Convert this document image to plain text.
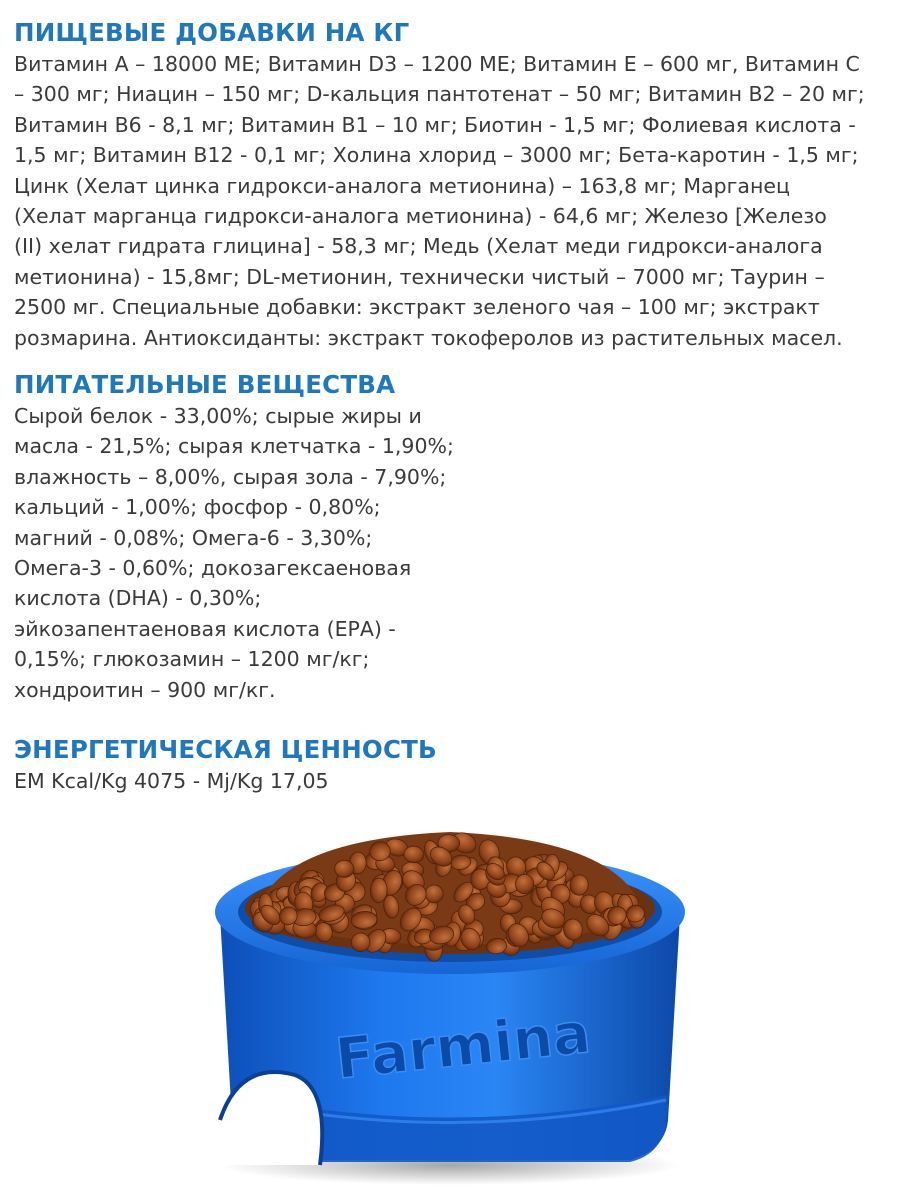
ПИЩЕВЫЕ ДОБАВКИ НА КГ

Витамин А – 18000 МЕ; Витамин D3 – 1200 МЕ; Витамин Е – 600 мг, Витамин С
– 300 мг; Ниацин – 150 мг; D-кальция пантотенат – 50 мг; Витамин В2 – 20 мг;
Витамин В6 - 8,1 мг; Витамин В1 – 10 мг; Биотин - 1,5 мг; Фолиевая кислота -
1,5 мг; Витамин В12 - 0,1 мг; Холина хлорид – 3000 мг; Бета-каротин - 1,5 мг;
Цинк (Хелат цинка гидрокси-аналога метионина) – 163,8 мг; Марганец
(Хелат марганца гидрокси-аналога метионина) - 64,6 мг; Железо [Железо
(II) хелат гидрата глицина] - 58,3 мг; Медь (Хелат меди гидрокси-аналога
метионина) - 15,8мг; DL-метионин, технически чистый – 7000 мг; Таурин –
2500 мг. Специальные добавки: экстракт зеленого чая – 100 мг; экстракт
розмарина. Антиоксиданты: экстракт токоферолов из растительных масел.

ПИТАТЕЛЬНЫЕ ВЕЩЕСТВА

Сырой белок - 33,00%; сырые жиры и
масла - 21,5%; сырая клетчатка - 1,90%;
влажность – 8,00%, сырая зола - 7,90%;
кальций - 1,00%; фосфор - 0,80%;
магний - 0,08%; Омега-6 - 3,30%;
Омега-3 - 0,60%; докозагексаеновая
кислота (DHA) - 0,30%;
эйкозапентаеновая кислота (ЕРА) -
0,15%; глюкозамин – 1200 мг/кг;
хондроитин – 900 мг/кг.

ЭНЕРГЕТИЧЕСКАЯ ЦЕННОСТЬ

EM Kcal/Kg 4075 - Mj/Kg 17,05

Farmina
